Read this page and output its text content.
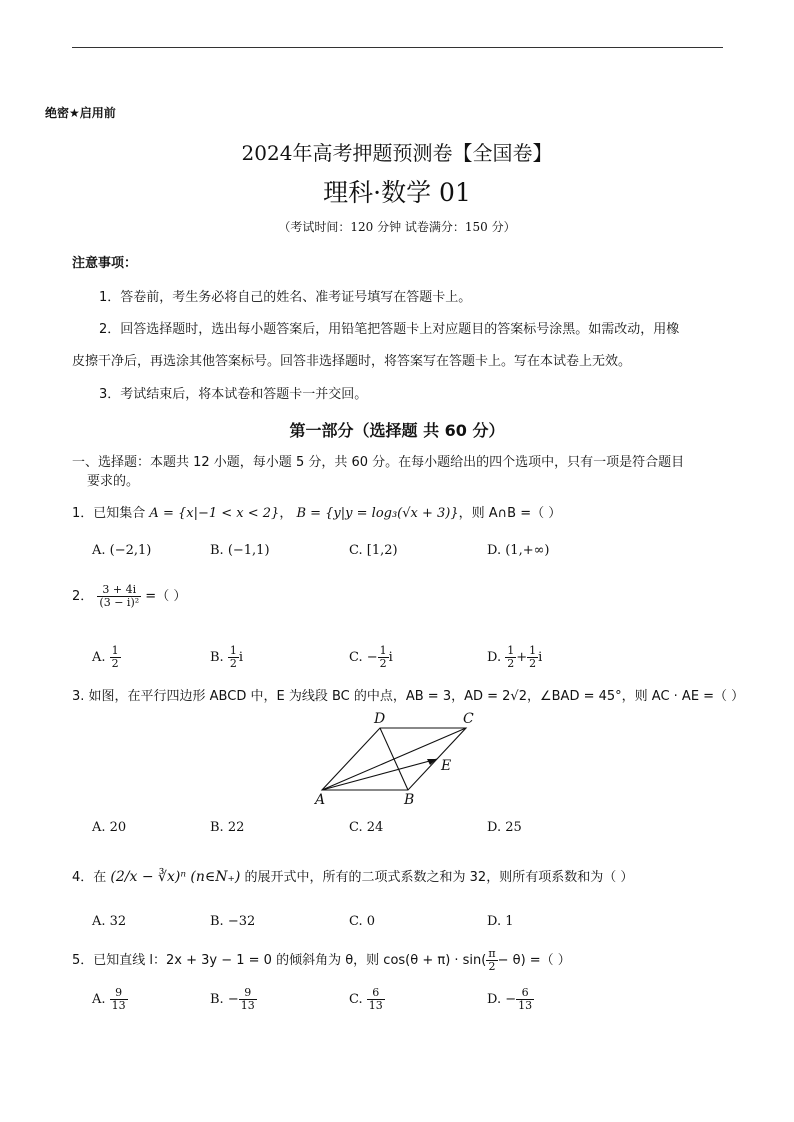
绝密★启用前
2024年高考押题预测卷【全国卷】
理科·数学 01
（考试时间：120 分钟 试卷满分：150 分）
注意事项：
1．答卷前，考生务必将自己的姓名、准考证号填写在答题卡上。
2．回答选择题时，选出每小题答案后，用铅笔把答题卡上对应题目的答案标号涂黑。如需改动，用橡
皮擦干净后，再选涂其他答案标号。回答非选择题时，将答案写在答题卡上。写在本试卷上无效。
3．考试结束后，将本试卷和答题卡一并交回。
第一部分（选择题 共 60 分）
一、选择题：本题共 12 小题，每小题 5 分，共 60 分。在每小题给出的四个选项中，只有一项是符合题目
要求的。
1．已知集合 A = {x|−1 < x < 2}， B = {y|y = log₃(√x + 3)}，则 A∩B =（ ）
A. (−2,1)	B. (−1,1)	C. [1,2)	D. (1,+∞)
2． $\frac{3 + 4i}{\text{(3 − i)²}}$ =（ ）
A. $\frac{1}{2}$	B. $\frac{1}{2}$ i	C. − $\frac{1}{2}$ i	D. $\frac{1}{2} + \frac{1}{2}$ i
3. 如图，在平行四边形 ABCD 中，E 为线段 BC 的中点，AB = 3，AD = 2√2，∠BAD = 45°，则 AC · AE =（ ）
D	C
E
A	B
A. 20	B. 22	C. 24	D. 25
4．在 (2/x − ∛x)ⁿ (n∈N₊) 的展开式中，所有的二项式系数之和为 32，则所有项系数和为（ ）
A. 32	B. −32	C. 0	D. 1
5．已知直线 l：2x + 3y − 1 = 0 的倾斜角为 θ，则 $\cos(\theta + \pi) \cdot \sin( \frac{\pi}{2} - \theta)$ =（ ）
A. $\frac{9}{13}$	B. − $\frac{9}{13}$	C. $\frac{6}{13}$	D. − $\frac{6}{13}$
